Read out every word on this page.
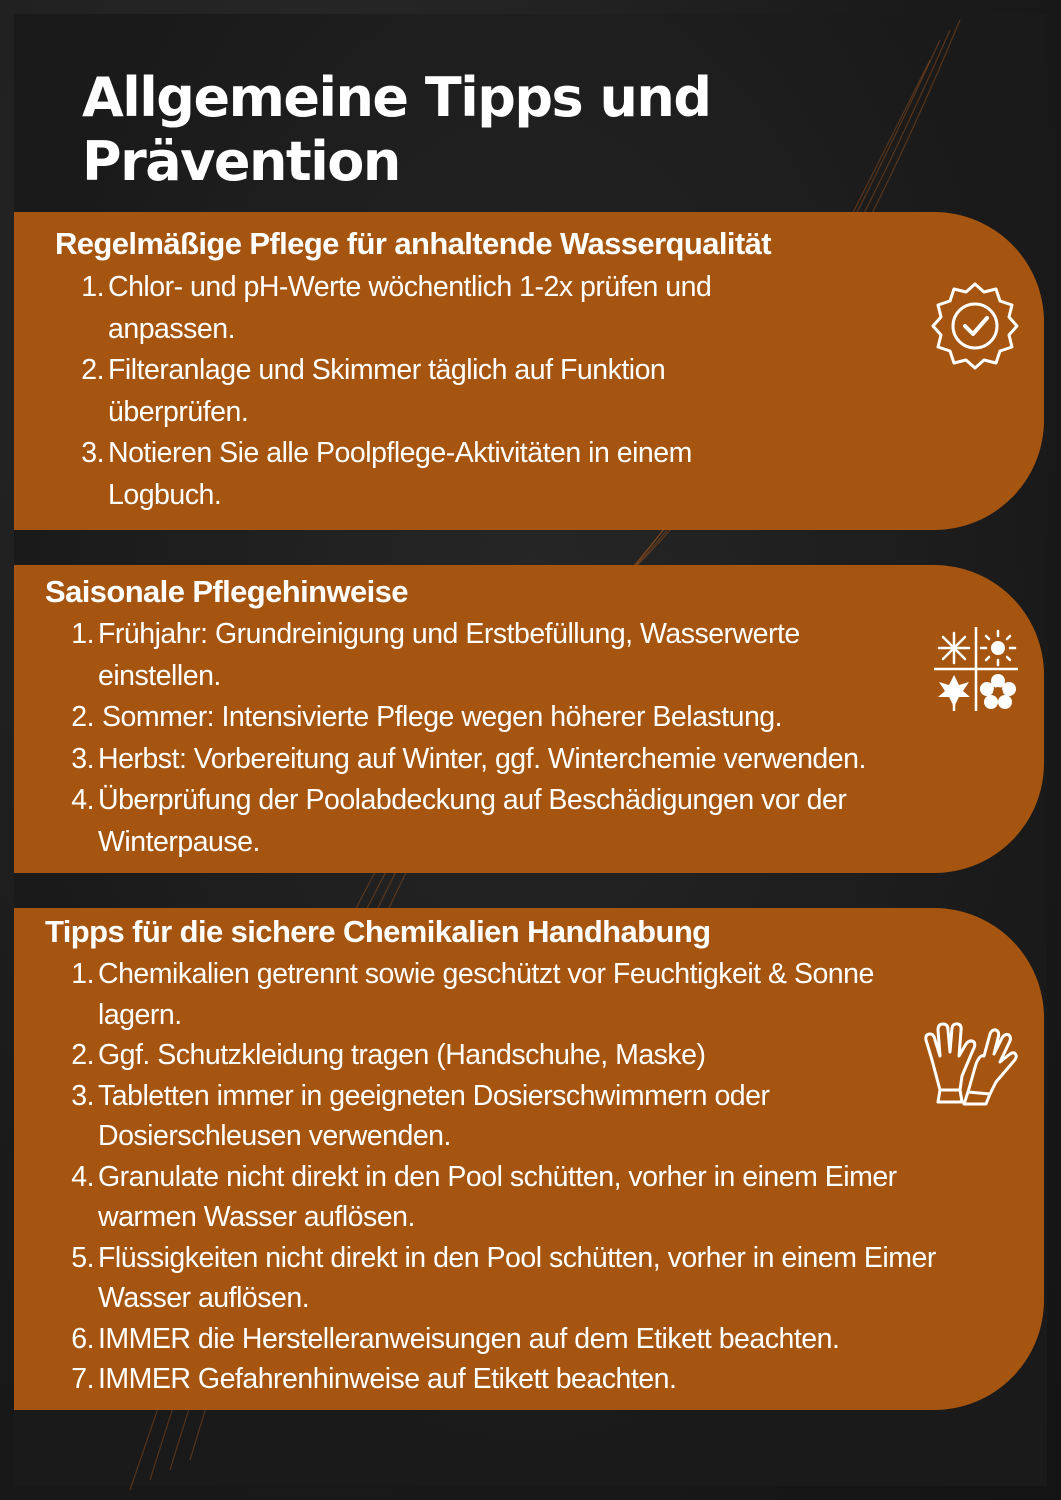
Allgemeine Tipps und Prävention
Regelmäßige Pflege für anhaltende Wasserqualität
1. Chlor- und pH-Werte wöchentlich 1-2x prüfen und
anpassen.
2. Filteranlage und Skimmer täglich auf Funktion
überprüfen.
3. Notieren Sie alle Poolpflege-Aktivitäten in einem
Logbuch.
Saisonale Pflegehinweise
1. Frühjahr: Grundreinigung und Erstbefüllung, Wasserwerte
einstellen.
2. Sommer: Intensivierte Pflege wegen höherer Belastung.
3. Herbst: Vorbereitung auf Winter, ggf. Winterchemie verwenden.
4. Überprüfung der Poolabdeckung auf Beschädigungen vor der
Winterpause.
Tipps für die sichere Chemikalien Handhabung
1. Chemikalien getrennt sowie geschützt vor Feuchtigkeit & Sonne
lagern.
2. Ggf. Schutzkleidung tragen (Handschuhe, Maske)
3. Tabletten immer in geeigneten Dosierschwimmern oder
Dosierschleusen verwenden.
4. Granulate nicht direkt in den Pool schütten, vorher in einem Eimer
warmen Wasser auflösen.
5. Flüssigkeiten nicht direkt in den Pool schütten, vorher in einem Eimer
Wasser auflösen.
6. IMMER die Herstelleranweisungen auf dem Etikett beachten.
7. IMMER Gefahrenhinweise auf Etikett beachten.
